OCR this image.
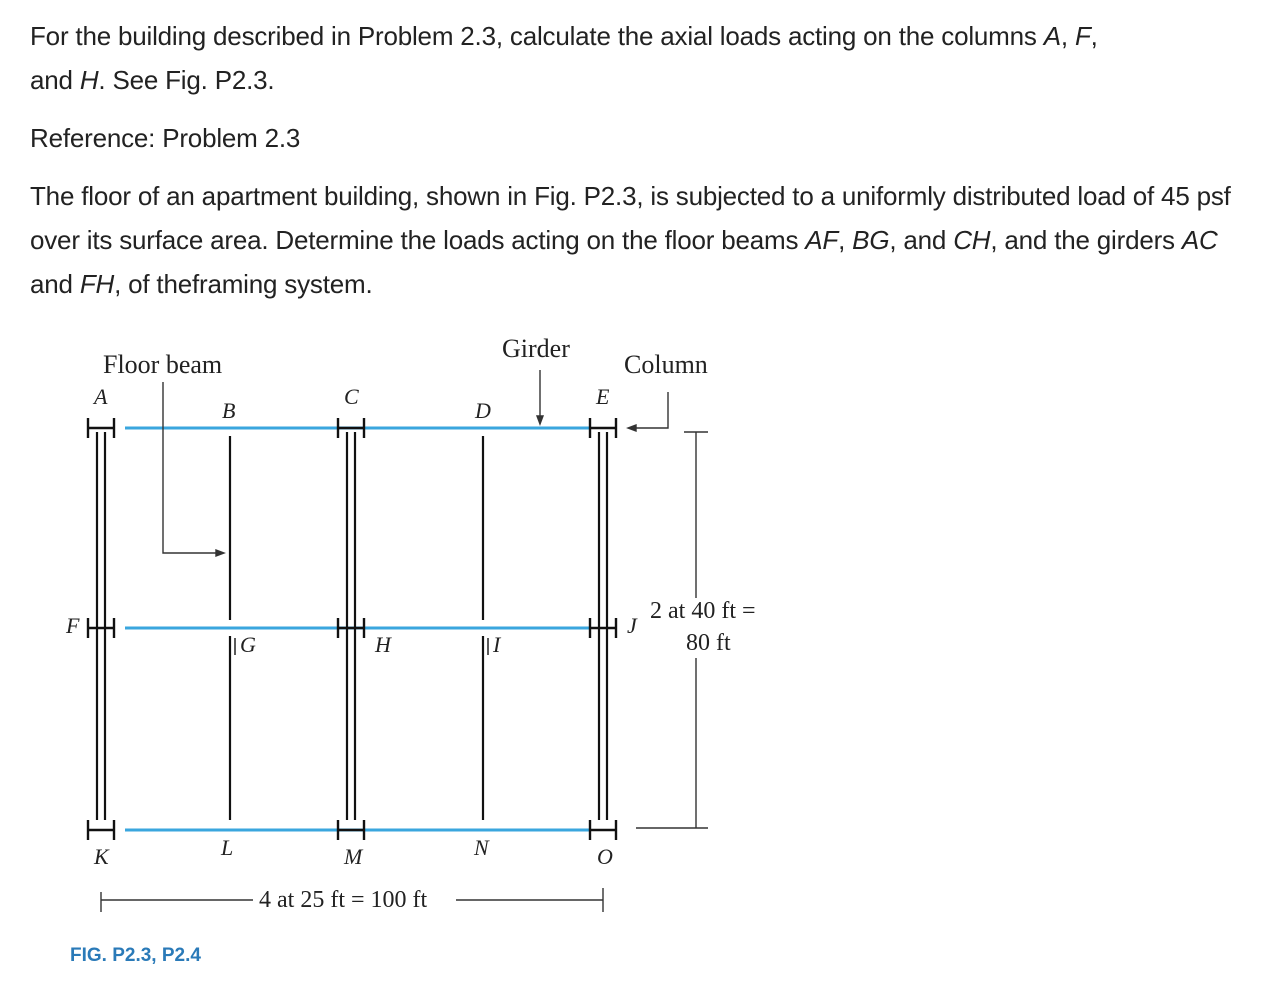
For the building described in Problem 2.3, calculate the axial loads acting on the columns A, F,
and H. See Fig. P2.3.

Reference: Problem 2.3

The floor of an apartment building, shown in Fig. P2.3, is subjected to a uniformly distributed load of 45 psf over its surface area. Determine the loads acting on the floor beams AF, BG, and CH, and the girders AC and FH, of theframing system.

Floor beam
Girder
Column
2 at 40 ft =
80 ft
4 at 25 ft = 100 ft
A
B
C
D
E
F
G	H	I
J
K	L	M	N	O
FIG. P2.3, P2.4
